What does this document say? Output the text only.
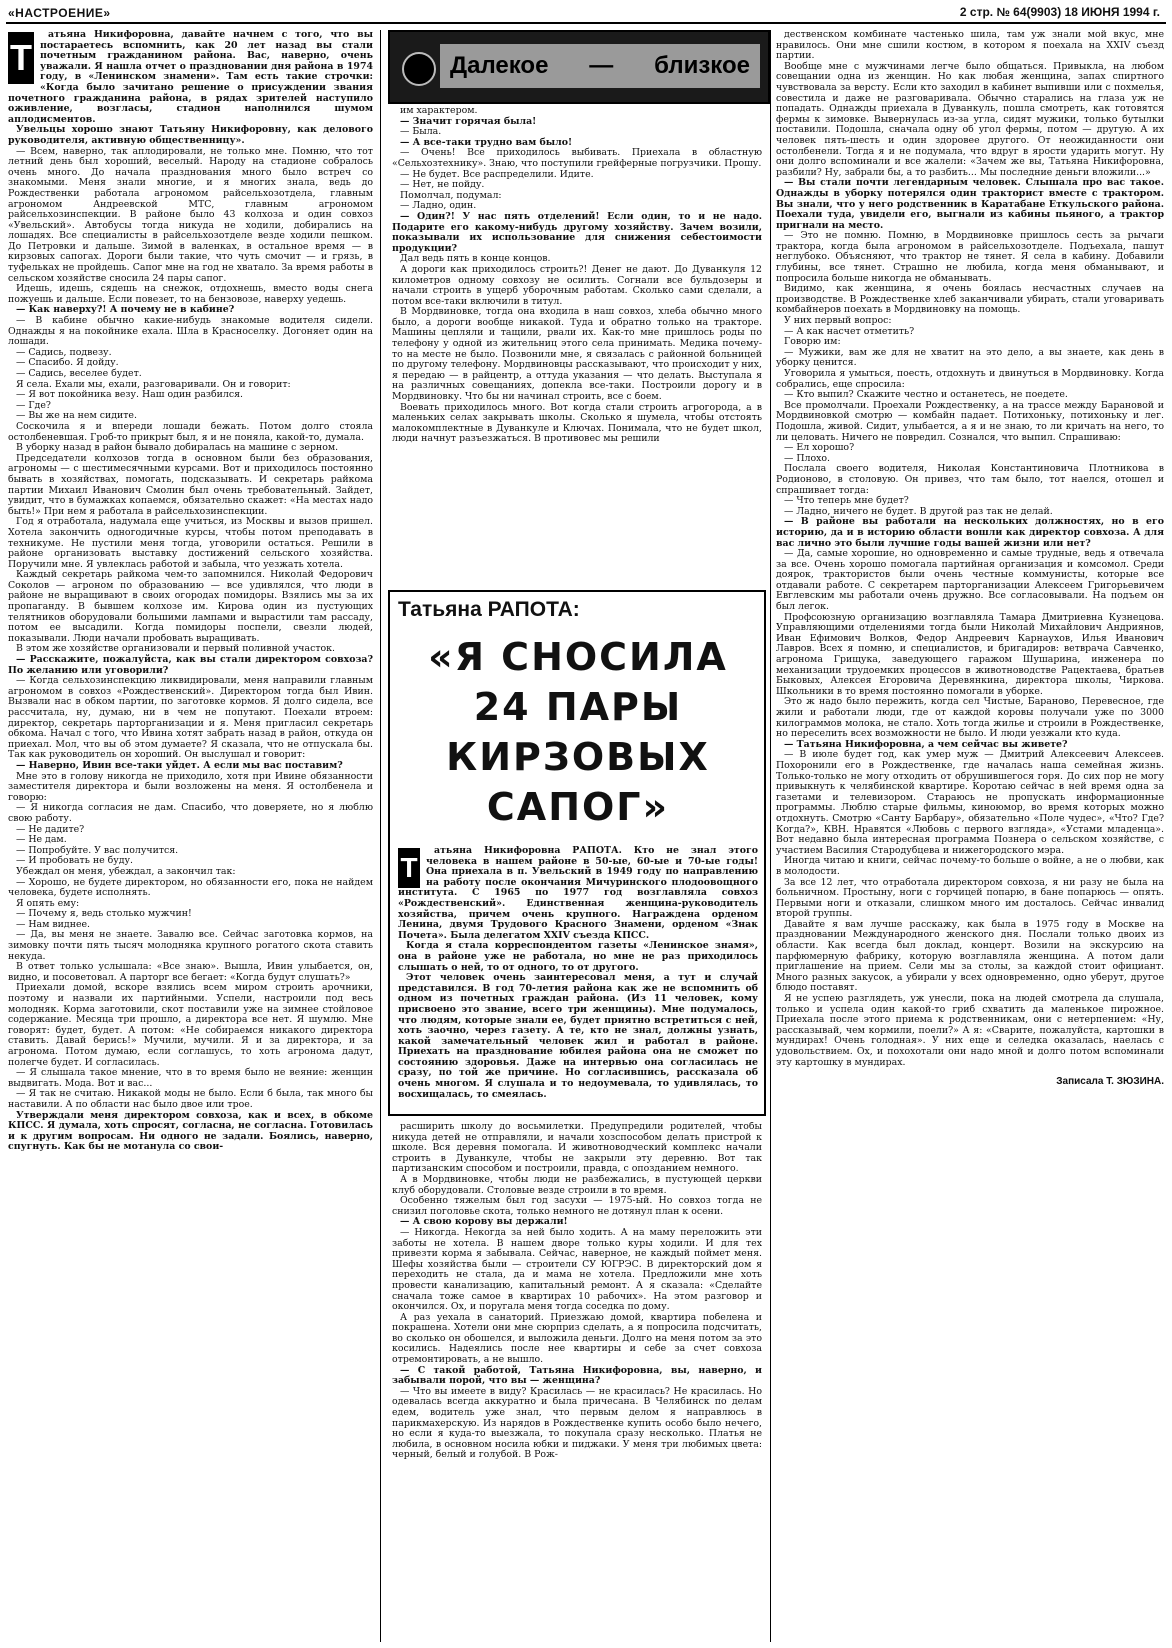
«НАСТРОЕНИЕ»	2 стр. № 64(9903) 18 ИЮНЯ 1994 г.
Т

атьяна Никифоровна, давайте начнем с того, что вы постараетесь вспомнить, как 20 лет назад вы стали почетным гражданином района. Вас, наверно, очень уважали. Я нашла отчет о праздновании дня района в 1974 году, в «Ленинском знамени». Там есть такие строчки: «Когда было зачитано решение о присуждении звания почетного гражданина района, в рядах зрителей наступило оживление, возгласы, стадион наполнился шумом аплодисментов.

Увельцы хорошо знают Татьяну Никифоровну, как делового руководителя, активную общественницу».

— Всем, наверно, так аплодировали, не только мне. Помню, что тот летний день был хороший, веселый. Народу на стадионе собралось очень много. До начала празднования много было встреч со знакомыми. Меня знали многие, и я многих знала, ведь до Рождественки работала агрономом райсельхозотдела, главным агрономом Андреевской МТС, главным агрономом райсельхозинспекции. В районе было 43 колхоза и один совхоз «Увельский». Автобусы тогда никуда не ходили, добирались на лошадях. Все специалисты в райсельхозотделе везде ходили пешком. До Петровки и дальше. Зимой в валенках, в остальное время — в кирзовых сапогах. Дороги были такие, что чуть смочит — и грязь, в туфельках не пройдешь. Сапог мне на год не хватало. За время работы в сельском хозяйстве сносила 24 пары сапог.

Идешь, идешь, сядешь на снежок, отдохнешь, вместо воды снега пожуешь и дальше. Если повезет, то на бензовозе, наверху уедешь.

— Как наверху?! А почему не в кабине?

— В кабине обычно какие-нибудь знакомые водителя сидели. Однажды я на покойнике ехала. Шла в Красноселку. Догоняет один на лошади.

— Садись, подвезу.

— Спасибо. Я дойду.

— Садись, веселее будет.

Я села. Ехали мы, ехали, разговаривали. Он и говорит:

— Я вот покойника везу. Наш один разбился.

— Где?

— Вы же на нем сидите.

Соскочила я и впереди лошади бежать. Потом долго стояла остолбеневшая. Гроб-то прикрыт был, я и не поняла, какой-то, думала.

В уборку назад в район бывало добиралась на машине с зерном.

Председатели колхозов тогда в основном были без образования, агрономы — с шестимесячными курсами. Вот и приходилось постоянно бывать в хозяйствах, помогать, подсказывать. И секретарь райкома партии Михаил Иванович Смолин был очень требовательный. Зайдет, увидит, что в бумажках копаемся, обязательно скажет: «На местах надо быть!» При нем я работала в райсельхозинспекции.

Год я отработала, надумала еще учиться, из Москвы и вызов пришел. Хотела закончить одногодичные курсы, чтобы потом преподавать в техникуме. Не пустили меня тогда, уговорили остаться. Решили в районе организовать выставку достижений сельского хозяйства. Поручили мне. Я увлеклась работой и забыла, что уезжать хотела.

Каждый секретарь райкома чем-то запомнился. Николай Федорович Соколов — агроном по образованию — все удивлялся, что люди в районе не выращивают в своих огородах помидоры. Взялись мы за их пропаганду. В бывшем колхозе им. Кирова один из пустующих телятников оборудовали большими лампами и вырастили там рассаду, потом ее высадили. Когда помидоры поспели, свезли людей, показывали. Люди начали пробовать выращивать.

В этом же хозяйстве организовали и первый поливной участок.

— Расскажите, пожалуйста, как вы стали директором совхоза? По желанию или уговорили?

— Когда сельхозинспекцию ликвидировали, меня направили главным агрономом в совхоз «Рождественский». Директором тогда был Ивин. Вызвали нас в обком партии, по заготовке кормов. Я долго сидела, все рассчитала, ну, думаю, ни в чем не попутают. Поехали втроем: директор, секретарь парторганизации и я. Меня пригласил секретарь обкома. Начал с того, что Ивина хотят забрать назад в район, откуда он приехал. Мол, что вы об этом думаете? Я сказала, что не отпускала бы. Так как руководитель он хороший. Он выслушал и говорит:

— Наверно, Ивин все-таки уйдет. А если мы вас поставим?

Мне это в голову никогда не приходило, хотя при Ивине обязанности заместителя директора и были возложены на меня. Я остолбенела и говорю:

— Я никогда согласия не дам. Спасибо, что доверяете, но я люблю свою работу.

— Не дадите?

— Не дам.

— Попробуйте. У вас получится.

— И пробовать не буду.

Убеждал он меня, убеждал, а закончил так:

— Хорошо, не будете директором, но обязанности его, пока не найдем человека, будете исполнять.

Я опять ему:

— Почему я, ведь столько мужчин!

— Нам виднее.

— Да, вы меня не знаете. Завалю все. Сейчас заготовка кормов, на зимовку почти пять тысяч молодняка крупного рогатого скота ставить некуда.

В ответ только услышала: «Все знаю». Вышла, Ивин улыбается, он, видно, и посоветовал. А парторг все бегает: «Когда будут слушать?»

Приехали домой, вскоре взялись всем миром строить арочники, поэтому и назвали их партийными. Успели, настроили под весь молодняк. Корма заготовили, скот поставили уже на зимнее стойловое содержание. Месяца три прошло, а директора все нет. Я шумлю. Мне говорят: будет, будет. А потом: «Не собираемся никакого директора ставить. Давай берись!» Мучили, мучили. Я и за директора, и за агронома. Потом думаю, если соглашусь, то хоть агронома дадут, полегче будет. И согласилась.

— Я слышала такое мнение, что в то время было не веяние: женщин выдвигать. Мода. Вот и вас...

— Я так не считаю. Никакой моды не было. Если б была, так много бы наставили. А по области нас было двое или трое.

Утверждали меня директором совхоза, как и всех, в обкоме КПСС. Я думала, хоть спросят, согласна, не согласна. Готовилась и к другим вопросам. Ни одного не задали. Боялись, наверно, спугнуть. Как бы не мотанула со свои-

Далекое — близкое

им характером.

— Значит горячая была!

— Была.

— А все-таки трудно вам было!

— Очень! Все приходилось выбивать. Приехала в областную «Сельхозтехнику». Знаю, что поступили грейферные погрузчики. Прошу.

— Не будет. Все распределили. Идите.

— Нет, не пойду.

Помолчал, подумал:

— Ладно, один.

— Один?! У нас пять отделений! Если один, то и не надо. Подарите его какому-нибудь другому хозяйству. Зачем возили, показывали их использование для снижения себестоимости продукции?

Дал ведь пять в конце концов.

А дороги как приходилось строить?! Денег не дают. До Дуванкуля 12 километров одному совхозу не осилить. Согнали все бульдозеры и начали строить в ущерб уборочным работам. Сколько сами сделали, а потом все-таки включили в титул.

В Мордвиновке, тогда она входила в наш совхоз, хлеба обычно много было, а дороги вообще никакой. Туда и обратно только на тракторе. Машины цепляли и тащили, рвали их. Как-то мне пришлось роды по телефону у одной из жительниц этого села принимать. Медика почему-то на месте не было. Позвонили мне, я связалась с районной больницей по другому телефону. Мордвиновцы рассказывают, что происходит у них, я передаю — в райцентр, а оттуда указания — что делать. Выступала я на различных совещаниях, допекла все-таки. Построили дорогу и в Мордвиновку. Что бы ни начинал строить, все с боем.

Воевать приходилось много. Вот когда стали строить агрогорода, а в маленьких селах закрывать школы. Сколько я шумела, чтобы отстоять малокомплектные в Дуванкуле и Ключах. Понимала, что не будет школ, люди начнут разъезжаться. В противовес мы решили

Татьяна РАПОТА:
«Я СНОСИЛА
24 ПАРЫ
КИРЗОВЫХ
САПОГ»
Т

атьяна Никифоровна РАПОТА. Кто не знал этого человека в нашем районе в 50-ые, 60-ые и 70-ые годы! Она приехала в п. Увельский в 1949 году по направлению на работу после окончания Мичуринского плодоовощного института. С 1965 по 1977 год возглавляла совхоз «Рождественский». Единственная женщина-руководитель хозяйства, причем очень крупного. Награждена орденом Ленина, двумя Трудового Красного Знамени, орденом «Знак Почета». Была делегатом XXIV съезда КПСС.

Когда я стала корреспондентом газеты «Ленинское знамя», она в районе уже не работала, но мне не раз приходилось слышать о ней, то от одного, то от другого.

Этот человек очень заинтересовал меня, а тут и случай представился. В год 70-летия района как же не вспомнить об одном из почетных граждан района. (Из 11 человек, кому присвоено это звание, всего три женщины). Мне подумалось, что людям, которые знали ее, будет приятно встретиться с ней, хоть заочно, через газету. А те, кто не знал, должны узнать, какой замечательный человек жил и работал в районе. Приехать на празднование юбилея района она не сможет по состоянию здоровья. Даже на интервью она согласилась не сразу, по той же причине. Но согласившись, рассказала об очень многом. Я слушала и то недоумевала, то удивлялась, то восхищалась, то смеялась.

расширить школу до восьмилетки. Предупредили родителей, чтобы никуда детей не отправляли, и начали хозспособом делать пристрой к школе. Вся деревня помогала. И животноводческий комплекс начали строить в Дуванкуле, чтобы не закрыли эту деревню. Вот так партизанским способом и построили, правда, с опозданием немного.

А в Мордвиновке, чтобы люди не разбежались, в пустующей церкви клуб оборудовали. Столовые везде строили в то время.

Особенно тяжелым был год засухи — 1975-ый. Но совхоз тогда не снизил поголовье скота, только немного не дотянул план к осени.

— А свою корову вы держали!

— Никогда. Некогда за ней было ходить. А на маму переложить эти заботы не хотела. В нашем дворе только куры ходили. И для тех привезти корма я забывала. Сейчас, наверное, не каждый поймет меня. Шефы хозяйства были — строители СУ ЮГРЭС. В директорский дом я переходить не стала, да и мама не хотела. Предложили мне хоть провести канализацию, капитальный ремонт. А я сказала: «Сделайте сначала тоже самое в квартирах 10 рабочих». На этом разговор и окончился. Ох, и поругала меня тогда соседка по дому.

А раз уехала в санаторий. Приезжаю домой, квартира побелена и покрашена. Хотели они мне сюрприз сделать, а я попросила подсчитать, во сколько он обошелся, и выложила деньги. Долго на меня потом за это косились. Надеялись после нее квартиры и себе за счет совхоза отремонтировать, а не вышло.

— С такой работой, Татьяна Никифоровна, вы, наверно, и забывали порой, что вы — женщина?

— Что вы имеете в виду? Красилась — не красилась? Не красилась. Но одевалась всегда аккуратно и была причесана. В Челябинск по делам едем, водитель уже знал, что первым делом я направлюсь в парикмахерскую. Из нарядов в Рождественке купить особо было нечего, но если я куда-то выезжала, то покупала сразу несколько. Платья не любила, в основном носила юбки и пиджаки. У меня три любимых цвета: черный, белый и голубой. В Рож-

дественском комбинате частенько шила, там уж знали мой вкус, мне нравилось. Они мне сшили костюм, в котором я поехала на XXIV съезд партии.

Вообще мне с мужчинами легче было общаться. Привыкла, на любом совещании одна из женщин. Но как любая женщина, запах спиртного чувствовала за версту. Если кто заходил в кабинет выпивши или с похмелья, совестила и даже не разговаривала. Обычно старались на глаза уж не попадать. Однажды приехала в Дуванкуль, пошла смотреть, как готовятся фермы к зимовке. Вывернулась из-за угла, сидят мужики, только бутылки поставили. Подошла, сначала одну об угол фермы, потом — другую. А их человек пять-шесть и один здоровее другого. От неожиданности они остолбенели. Тогда я и не подумала, что вдруг в ярости ударить могут. Ну они долго вспоминали и все жалели: «Зачем же вы, Татьяна Никифоровна, разбили? Ну, забрали бы, а то разбить... Мы последние деньги вложили...»

— Вы стали почти легендарным человек. Слышала про вас такое. Однажды в уборку потерялся один тракторист вместе с трактором. Вы знали, что у него родственник в Каратабане Еткульского района. Поехали туда, увидели его, выгнали из кабины пьяного, а трактор пригнали на место.

— Это не помню. Помню, в Мордвиновке пришлось сесть за рычаги трактора, когда была агрономом в райсельхозотделе. Подъехала, пашут неглубоко. Объясняют, что трактор не тянет. Я села в кабину. Добавили глубины, все тянет. Страшно не любила, когда меня обманывают, и попросила больше никогда не обманывать.

Видимо, как женщина, я очень боялась несчастных случаев на производстве. В Рождественке хлеб заканчивали убирать, стали уговаривать комбайнеров поехать в Мордвиновку на помощь.

У них первый вопрос:

— А как насчет отметить?

Говорю им:

— Мужики, вам же для не хватит на это дело, а вы знаете, как день в уборку ценится.

Уговорила я умыться, поесть, отдохнуть и двинуться в Мордвиновку. Когда собрались, еще спросила:

— Кто выпил? Скажите честно и останетесь, не поедете.

Все промолчали. Проехали Рождественку, а на трассе между Барановой и Мордвиновкой смотрю — комбайн падает. Потихоньку, потихоньку и лег. Подошла, живой. Сидит, улыбается, а я и не знаю, то ли кричать на него, то ли целовать. Ничего не повредил. Сознался, что выпил. Спрашиваю:

— Ел хорошо?

— Плохо.

Послала своего водителя, Николая Константиновича Плотникова в Родионово, в столовую. Он привез, что там было, тот наелся, отошел и спрашивает тогда:

— Что теперь мне будет?

— Ладно, ничего не будет. В другой раз так не делай.

— В районе вы работали на нескольких должностях, но в его историю, да и в историю области вошли как директор совхоза. А для вас лично это были лучшие годы вашей жизни или нет?

— Да, самые хорошие, но одновременно и самые трудные, ведь я отвечала за все. Очень хорошо помогала партийная организация и комсомол. Среди доярок, трактористов были очень честные коммунисты, которые все отдавали работе. С секретарем парторганизации Алексеем Григорьевичем Евглевским мы работали очень дружно. Все согласовывали. На подъем он был легок.

Профсоюзную организацию возглавляла Тамара Дмитриевна Кузнецова. Управляющими отделениями тогда были Николай Михайлович Андриянов, Иван Ефимович Волков, Федор Андреевич Карнаухов, Илья Иванович Лавров. Всех я помню, и специалистов, и бригадиров: ветврача Савченко, агронома Грищука, заведующего гаражом Шушарина, инженера по механизации трудоемких процессов в животноводстве Рацектаева, братьев Быковых, Алексея Егоровича Деревянкина, директора школы, Чиркова. Школьники в то время постоянно помогали в уборке.

Это ж надо было пережить, когда сел Чистые, Бараново, Перевесное, где жили и работали люди, где от каждой коровы получали уже по 3000 килограммов молока, не стало. Хоть тогда жилье и строили в Рождественке, но переселить всех возможности не было. И люди уезжали кто куда.

— Татьяна Никифоровна, а чем сейчас вы живете?

— В июле будет год, как умер муж — Дмитрий Алексеевич Алексеев. Похоронили его в Рождественке, где началась наша семейная жизнь. Только-только не могу отходить от обрушившегося горя. До сих пор не могу привыкнуть к челябинской квартире. Коротаю сейчас в ней время одна за газетами и телевизором. Стараюсь не пропускать информационные программы. Люблю старые фильмы, киноюмор, во время которых можно отдохнуть. Смотрю «Санту Барбару», обязательно «Поле чудес», «Что? Где? Когда?», КВН. Нравятся «Любовь с первого взгляда», «Устами младенца». Вот недавно была интересная программа Познера о сельском хозяйстве, с участием Василия Стародубцева и нижегородского мэра.

Иногда читаю и книги, сейчас почему-то больше о войне, а не о любви, как в молодости.

За все 12 лет, что отработала директором совхоза, я ни разу не была на больничном. Простыну, ноги с горчицей попарю, в бане попарюсь — опять. Первыми ноги и отказали, слишком много им досталось. Сейчас инвалид второй группы.

Давайте я вам лучше расскажу, как была в 1975 году в Москве на праздновании Международного женского дня. Послали только двоих из области. Как всегда был доклад, концерт. Возили на экскурсию на парфюмерную фабрику, которую возглавляла женщина. А потом дали приглашение на прием. Сели мы за столы, за каждой стоит официант. Много разных закусок, а убирали у всех одновременно, одно уберут, другое блюдо поставят.

Я не успею разглядеть, уж унесли, пока на людей смотрела да слушала, только и успела один какой-то гриб схватить да маленькое пирожное. Приехала после этого приема к родственникам, они с нетерпением: «Ну, рассказывай, чем кормили, поели?» А я: «Сварите, пожалуйста, картошки в мундирах! Очень голодная». У них еще и селедка оказалась, наелась с удовольствием. Ох, и похохотали они надо мной и долго потом вспоминали эту картошку в мундирах.

Записала Т. ЗЮЗИНА.
